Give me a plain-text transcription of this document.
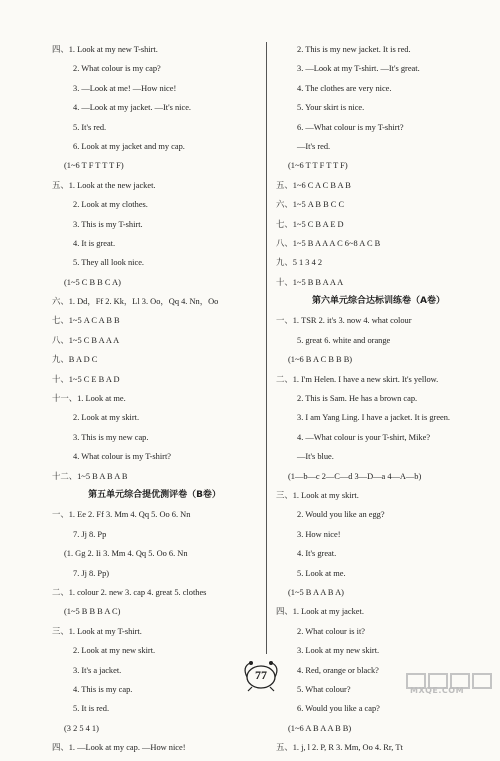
四、1. Look at my new T-shirt.
2. What colour is my cap?
3. —Look at me! —How nice!
4. —Look at my jacket. —It's nice.
5. It's red.
6. Look at my jacket and my cap.
(1~6 T F T T T F)
五、1. Look at the new jacket.
2. Look at my clothes.
3. This is my T-shirt.
4. It is great.
5. They all look nice.
(1~5 C B B C A)
六、1. Dd，Ff 2. Kk，Ll 3. Oo，Qq 4. Nn，Oo
七、1~5 A C A B B
八、1~5 C B A A A
九、B A D C
十、1~5 C E B A D
十一、1. Look at me.
2. Look at my skirt.
3. This is my new cap.
4. What colour is my T-shirt?
十二、1~5 B A B A B
第五单元综合提优测评卷（B卷）
一、1. Ee 2. Ff 3. Mm 4. Qq 5. Oo 6. Nn
7. Jj 8. Pp
(1. Gg 2. Ii 3. Mm 4. Qq 5. Oo 6. Nn
7. Jj 8. Pp)
二、1. colour 2. new 3. cap 4. great 5. clothes
(1~5 B B B A C)
三、1. Look at my T-shirt.
2. Look at my new skirt.
3. It's a jacket.
4. This is my cap.
5. It is red.
(3 2 5 4 1)
四、1. —Look at my cap. —How nice!
2. This is my new jacket. It is red.
3. —Look at my T-shirt. —It's great.
4. The clothes are very nice.
5. Your skirt is nice.
6. —What colour is my T-shirt?
—It's red.
(1~6 T T F T T F)
五、1~6 C A C B A B
六、1~5 A B B C C
七、1~5 C B A E D
八、1~5 B A A A C 6~8 A C B
九、5 1 3 4 2
十、1~5 B B A A A
第六单元综合达标训练卷（A卷）
一、1. TSR 2. it's 3. now 4. what colour
5. great 6. white and orange
(1~6 B A C B B B)
二、1. I'm Helen. I have a new skirt. It's yellow.
2. This is Sam. He has a brown cap.
3. I am Yang Ling. I have a jacket. It is green.
4. —What colour is your T-shirt, Mike?
—It's blue.
(1—b—c 2—C—d 3—D—a 4—A—b)
三、1. Look at my skirt.
2. Would you like an egg?
3. How nice!
4. It's great.
5. Look at me.
(1~5 B A A B A)
四、1. Look at my jacket.
2. What colour is it?
3. Look at my new skirt.
4. Red, orange or black?
5. What colour?
6. Would you like a cap?
(1~6 A B A A B B)
五、1. j, l 2. P, R 3. Mm, Oo 4. Rr, Tt
77
MXQE.COM
